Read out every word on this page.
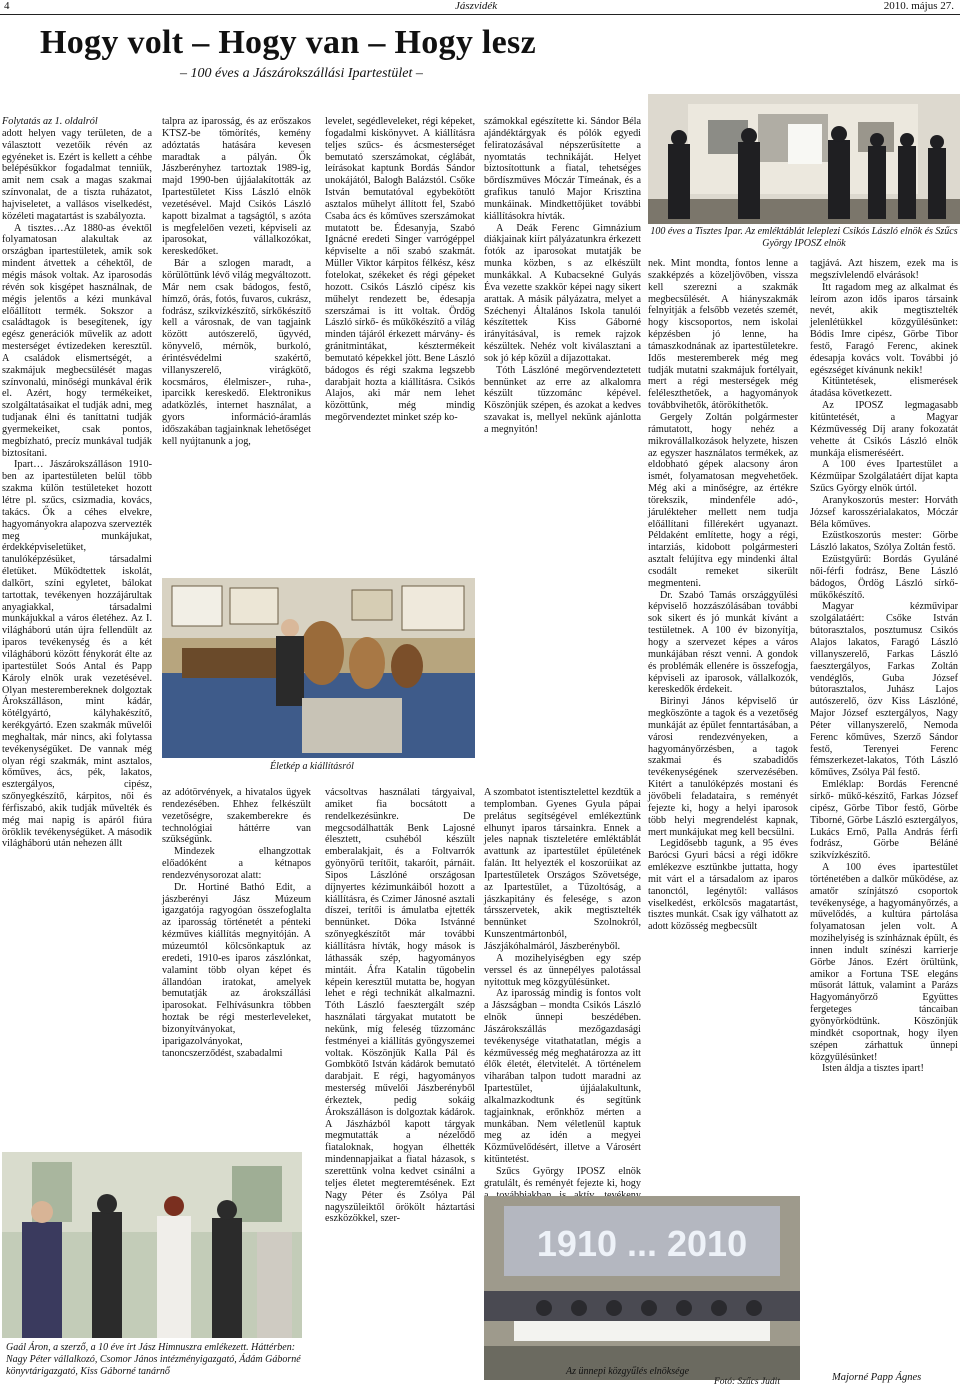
4	Jászvidék	2010. május 27.
Hogy volt – Hogy van – Hogy lesz
– 100 éves a Jászárokszállási Ipartestület –

Folytatás az 1. oldalról

adott helyen vagy területen, de a választott vezetőik révén az egyéneket is. Ezért is kellett a céhbe belépésükkor fogadalmat tenniük, amit nem csak a magas szakmai színvonalat, de a tiszta ruházatot, hajviseletet, a vallásos viselkedést, közéleti magatartást is szabályozta.

A tisztes…Az 1880-as évektől folyamatosan alakultak az országban ipartestületek, amik sok mindent átvettek a céhektől, de mégis mások voltak. Az iparosodás révén sok kisgépet használnak, de mégis jelentős a kézi munkával előállított termék. Sokszor a családtagok is besegítenek, így egész generációk művelik az adott mesterséget évtizedeken keresztül. A családok elismertségét, a szakmájuk megbecsülését magas színvonalú, minőségi munkával érik el. Azért, hogy termékeiket, szolgáltatásaikat el tudják adni, meg tudjanak élni és taníttatni tudják gyermekeiket, csak pontos, megbízható, precíz munkával tudják biztosítani.

Ipart… Jászárokszálláson 1910-ben az ipartestületen belül több szakma külön testületeket hozott létre pl. szűcs, csizmadia, kovács, takács. Ők a céhes elvekre, hagyományokra alapozva szervezték meg munkájukat, érdekképviseletüket, tanulóképzésüket, társadalmi életüket. Működtettek iskolát, dalkört, színi egyletet, bálokat tartottak, tevékenyen hozzájárultak anyagiakkal, társadalmi munkájukkal a város életéhez. Az I. világháború után újra fellendült az iparos tevékenység és a két világháború között fénykorát élte az ipartestület Soós Antal és Papp Károly elnök urak vezetésével. Olyan mesterembereknek dolgoztak Árokszálláson, mint kádár, kötélgyártó, kályhakészítő, kerékgyártó. Ezen szakmák művelői meghaltak, már nincs, aki folytassa tevékenységüket. De vannak még olyan régi szakmák, mint asztalos, kőműves, ács, pék, lakatos, esztergályos, cipész, szőnyegkészítő, kárpitos, női és férfiszabó, akik tudják művelték és még mai napig is apáról fiúra öröklik tevékenységüket. A második világháború után nehezen állt

talpra az iparosság, és az erőszakos KTSZ-be tömörítés, kemény adóztatás hatására kevesen maradtak a pályán. Ők Jászberényhez tartoztak 1989-ig, majd 1990-ben újjáalakították az Ipartestületet Kiss László elnök vezetésével. Majd Csikós László kapott bizalmat a tagságtól, s azóta is megfelelően vezeti, képviseli az iparosokat, vállalkozókat, kereskedőket.

Bár a szlogen maradt, a körülöttünk lévő világ megváltozott. Már nem csak bádogos, festő, hímző, órás, fotós, fuvaros, cukrász, fodrász, szikvízkészítő, sírkőkészítő kell a városnak, de van tagjaink között autószerelő, ügyvéd, könyvelő, mérnök, burkoló, érintésvédelmi szakértő, villanyszerelő, virágkötő, kocsmáros, élelmiszer-, ruha-, iparcikk kereskedő. Elektronikus adatközlés, internet használat, a gyors információ-áramlás időszakában tagjainknak lehetőséget kell nyújtanunk a jog,

levelet, segédleveleket, régi képeket, fogadalmi kiskönyvet. A kiállításra teljes szűcs- és ácsmesterséget bemutató szerszámokat, céglábát, leírásokat kaptunk Bordás Sándor unokájától, Balogh Balázstól. Csőke István bemutatóval egybekötött asztalos műhelyt állított fel, Szabó Csaba ács és kőműves szerszámokat mutatott be. Édesanyja, Szabó Ignácné eredeti Singer varrógéppel képviselte a női szabó szakmát. Müller Viktor kárpitos félkész, kész fotelokat, székeket és régi gépeket hozott. Csikós László cipész kis műhelyt rendezett be, édesapja szerszámai is itt voltak. Ördög László sírkő- és műkőkészítő a világ minden tájáról érkezett márvány- és gránitmintákat, késztermékeit bemutató képekkel jött. Bene László bádogos és régi szakma legszebb darabjait hozta a kiállításra. Csikós Alajos, aki már nem lehet közöttünk, még mindig megörvendeztet minket szép ko-

számokkal egészítette ki. Sándor Béla ajándéktárgyak és pólók egyedi feliratozásával népszerűsítette a nyomtatás technikáját. Helyet biztosítottunk a fiatal, tehetséges bőrdíszműves Móczár Tímeának, és a grafikus tanuló Major Krisztina munkáinak. Mindkettőjüket további kiállításokra hívták.

A Deák Ferenc Gimnázium diákjainak kiírt pályázatunkra érkezett fotók az iparosokat mutatják be munka közben, s az elkészült munkákkal. A Kubacsekné Gulyás Éva vezette szakkör képei nagy sikert arattak. A másik pályázatra, melyet a Széchenyi Általános Iskola tanulói készítettek Kiss Gáborné irányításával, is remek rajzok készültek. Nehéz volt kiválasztani a sok jó kép közül a díjazottakat.

Tóth Lászlóné megörvendeztetett bennünket az erre az alkalomra készült tűzzománc képével. Köszönjük szépen, és azokat a kedves szavakat is, mellyel nekünk ajánlotta a megnyitón!

Életkép a kiállításról

az adótörvények, a hivatalos ügyek rendezésében. Ehhez felkészült vezetőségre, szakemberekre és technológiai háttérre van szükségünk.

Mindezek elhangzottak előadóként a kétnapos rendezvénysorozat alatt:

Dr. Hortiné Bathó Edit, a jászberényi Jász Múzeum igazgatója ragyogóan összefoglalta az iparosság történetét a pénteki kézműves kiállítás megnyitóján. A múzeumtól kölcsönkaptuk az eredeti, 1910-es iparos zászlónkat, valamint több olyan képet és állandóan iratokat, amelyek bemutatják az árokszállási iparosokat. Felhívásunkra többen hoztak be régi mesterleveleket, bizonyítványokat, iparigazolványokat, tanoncszerződést, szabadalmi

vácsoltvas használati tárgyaival, amiket fia bocsátott a rendelkezésünkre. De megcsodálhatták Benk Lajosné élesztett, csuhéból készült emberalakjait, és a Foltvarrók gyönyörű terítőit, takaróit, párnáit. Sipos Lászlóné országosan díjnyertes kézimunkáiból hozott a kiállításra, és Czimer Jánosné asztali díszei, terítői is ámulatba ejtették bennünket. Dóka Istvánné szőnyegkészítőt már további kiállításra hívták, hogy mások is láthassák szép, hagyományos mintáit. Áfra Katalin tűgobelin képein keresztül mutatta be, hogyan lehet e régi technikát alkalmazni. Tóth László faesztergált szép használati tárgyakat mutatott be nekünk, míg feleség tűzzománc festményei a kiállítás gyöngyszemei voltak. Köszönjük Kalla Pál és Gombkötő István kádárok bemutató darabjait. E régi, hagyományos mesterség művelői Jászberényből érkeztek, pedig sokáig Árokszálláson is dolgoztak kádárok. A Jászházból kapott tárgyak megmutatták a nézelődő fiataloknak, hogyan élhették mindennapjaikat a fiatal házasok, s szerettünk volna kedvet csinálni a teljes életet megteremtésének. Ezt Nagy Péter és Zsólya Pál nagyszüleiktől örökölt háztartási eszközökkel, szer-

A szombatot istentisztelettel kezdtük a templomban. Gyenes Gyula pápai prelátus segítségével emlékeztünk elhunyt iparos társainkra. Ennek a jeles napnak tiszteletére emléktáblát avattunk az ipartestület épületének falán. Itt helyezték el koszorúikat az Ipartestületek Országos Szövetsége, az Ipartestület, a Tűzoltóság, a jászkapitány és felesége, s azon társszervetek, akik megtisztelték bennünket Szolnokról, Kunszentmártonból, Jászjákóhalmáról, Jászberényből.

A mozihelyiségben egy szép verssel és az ünnepélyes palotással nyitottuk meg közgyűlésünket.

Az iparosság mindig is fontos volt a Jászságban – mondta Csikós László elnök ünnepi beszédében. Jászárokszállás mezőgazdasági tevékenysége vitathatatlan, mégis a kézművesség még meghatározza az itt élők életét, életvitelét. A történelem viharában talpon tudott maradni az Ipartestület, újjáalakultunk, alkalmazkodtunk és segítünk tagjainknak, erőnkhöz mérten a munkában. Nem véletlenül kaptuk meg az idén a megyei Közművelődésért, illetve a Városért kitüntetést.

Szűcs György IPOSZ elnök gratulált, és reményét fejezte ki, hogy

100 éves a Tisztes Ipar. Az emléktáblát leleplezi Csikós László elnök és Szűcs György IPOSZ elnök

nek. Mint mondta, fontos lenne a szakképzés a közeljövőben, vissza kell szerezni a szakmák megbecsülését. A hiányszakmák felnyitják a felsőbb vezetés szemét, hogy kiscsoportos, nem iskolai képzésben jó lenne, ha támaszkodnának az ipartestületekre. Idős mesteremberek még meg tudják mutatni szakmájuk fortélyait, mert a régi mesterségek még feléleszthetőek, a hagyományok továbbvihetők, átörökíthetők.

Gergely Zoltán polgármester rámutatott, hogy nehéz a mikrovállalkozások helyzete, hiszen az egyszer használatos termékek, az eldobható gépek alacsony áron ismét, folyamatosan megvehetőek. Még aki a minőségre, az értékre törekszik, mindenféle adó-, járulékteher mellett nem tudja előállítani fillérekért ugyanazt. Példaként említette, hogy a régi, intarziás, kidobott polgármesteri asztalt felújítva egy mindenki által csodált remeket sikerült megmenteni.

Dr. Szabó Tamás országgyűlési képviselő hozzászólásában további sok sikert és jó munkát kívánt a testületnek. A 100 év bizonyítja, hogy a szervezet képes a város munkájában részt venni. A gondok és problémák ellenére is összefogja, képviseli az iparosok, vállalkozók, kereskedők érdekeit.

Birinyi János képviselő úr megköszönte a tagok és a vezetőség munkáját az épület fenntartásában, a városi rendezvényeken, a hagyományőrzésben, a tagok szakmai és szabadidős tevékenységének szervezésében. Kitért a tanulóképzés mostani és jövőbeli feladataira, s reményét fejezte ki, hogy a helyi iparosok több helyi megrendelést kapnak, mert munkájukat meg kell becsülni.

Legidősebb tagunk, a 95 éves Barócsi Gyuri bácsi a régi időkre emlékezve esztünkbe juttatta, hogy mit várt el a társadalom az iparos tanonctól, legénytől: vallásos viselkedést, erkölcsös magatartást, tisztes munkát. Csak így válhatott az adott közösség megbecsült

tagjává. Azt hiszem, ezek ma is megszívlelendő elvárások!

Itt ragadom meg az alkalmat és leírom azon idős iparos társaink nevét, akik megtisztelték jelenlétükkel közgyűlésünket: Bódis Imre cipész, Görbe Tibor festő, Faragó Ferenc, akinek édesapja kovács volt. További jó egészséget kívánunk nekik!

Kitüntetések, elismerések átadása következett.

Az IPOSZ legmagasabb kitüntetését, a Magyar Kézművesség Díj arany fokozatát vehette át Csikós László elnök munkája elismeréséért.

A 100 éves Ipartestület a Kézműipar Szolgálatáért díjat kapta Szűcs György elnök úrtól.

Aranykoszorús mester: Horváth József karosszérialakatos, Móczár Béla kőműves.

Ezüstkoszorús mester: Görbe László lakatos, Szólya Zoltán festő.

Ezüstgyűrű: Bordás Gyuláné női-férfi fodrász, Bene László bádogos, Ördög László sírkő-műkőkészítő.

Magyar kézművipar szolgálatáért: Csőke István bútorasztalos, posztumusz Csikós Alajos lakatos, Faragó László villanyszerelő, Farkas László faesztergályos, Farkas Zoltán vendéglős, Guba József bútorasztalos, Juhász Lajos autószerelő, özv Kiss Lászlóné, Major József esztergályos, Nagy Péter villanyszerelő, Nemoda Ferenc kőműves, Szerző Sándor festő, Terenyei Ferenc fémszerkezet-lakatos, Tóth László kőműves, Zsólya Pál festő.

Emléklap: Bordás Ferencné sírkő- műkő-készítő, Farkas József cipész, Görbe Tibor festő, Görbe Tiborné, Görbe László esztergályos, Lukács Ernő, Palla András férfi fodrász, Görbe Béláné szikvízkészítő.

A 100 éves ipartestület történetében a dalkör működése, az amatőr színjátszó csoportok tevékenysége, a hagyományőrzés, a művelődés, a kultúra pártolása folyamatosan jelen volt. A mozihelyiség is színháznak épült, és innen indult színészi karrierje Görbe János. Ezért örültünk, amikor a Fortuna TSE elegáns műsorát láttuk, valamint a Parázs Hagyományőrző Együttes fergeteges táncaiban gyönyörködtünk. Köszönjük mindkét csoportnak, hogy ilyen szépen zárhattuk ünnepi közgyűlésünket!

Isten áldja a tisztes ipart!

Gaál Áron, a szerző, a 10 éve írt Jász Himnuszra emlékezett. Háttérben: Nagy Péter vállalkozó, Csomor János intézményigazgató, Ádám Gáborné könyvtárigazgató, Kiss Gáborné tanárnő
1910 ... 2010
Az ünnepi közgyűlés elnöksége
Fotó: Szűcs Judit	Majorné Papp Ágnes
